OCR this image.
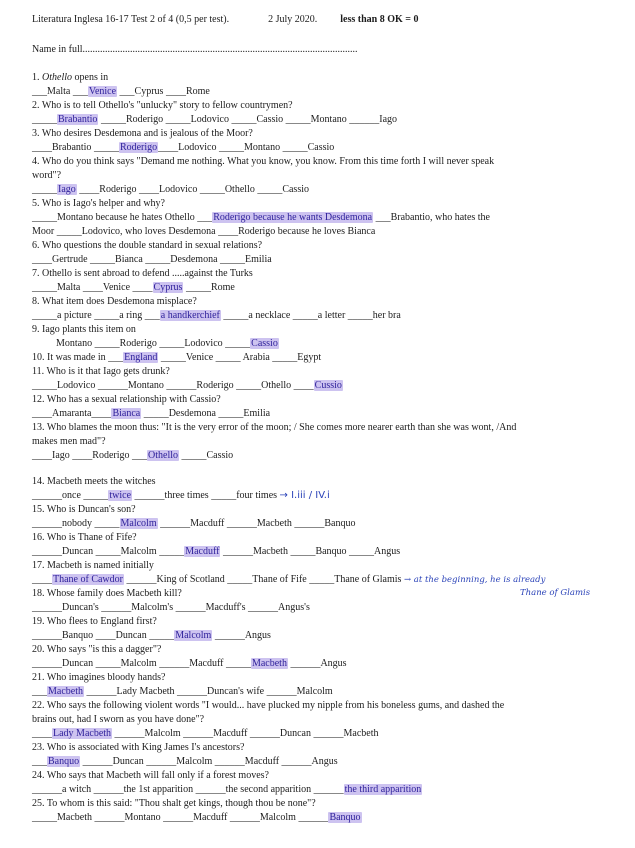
Literatura Inglesa 16-17 Test 2 of 4 (0,5 per test).	2 July 2020. less than 8 OK = 0
Name in full..............................................................................................................
1. Othello opens in
___Malta ___Venice ___Cyprus ____Rome
2. Who is to tell Othello's "unlucky" story to fellow countrymen?
_____Brabantio _____Roderigo _____Lodovico _____Cassio _____Montano ______Iago
3. Who desires Desdemona and is jealous of the Moor?
____Brabantio _____Roderigo____Lodovico _____Montano _____Cassio
4. Who do you think says "Demand me nothing. What you know, you know. From this time forth I will never speak
word"?
_____Iago ____Roderigo ____Lodovico _____Othello _____Cassio
5. Who is Iago's helper and why?
_____Montano because he hates Othello ___Roderigo because he wants Desdemona ___Brabantio, who hates the
Moor _____Lodovico, who loves Desdemona ____Roderigo because he loves Bianca
6. Who questions the double standard in sexual relations?
____Gertrude _____Bianca _____Desdemona _____Emilia
7. Othello is sent abroad to defend .....against the Turks
_____Malta ____Venice ____Cyprus _____Rome
8. What item does Desdemona misplace?
_____a picture _____a ring ___a handkerchief _____a necklace _____a letter _____her bra
9. Iago plants this item on
Montano _____Roderigo _____Lodovico _____Cassio
10. It was made in ___England _____Venice _____ Arabia _____Egypt
11. Who is it that Iago gets drunk?
_____Lodovico ______Montano ______Roderigo _____Othello ____Cussio
12. Who has a sexual relationship with Cassio?
____Amaranta____Bianca _____Desdemona _____Emilia
13. Who blames the moon thus: "It is the very error of the moon; / She comes more nearer earth than she was wont, /And
makes men mad"?
____Iago ____Roderigo ___Othello _____Cassio
14. Macbeth meets the witches
______once _____twice ______three times _____four times → I.iii / IV.i
15. Who is Duncan's son?
______nobody _____Malcolm ______Macduff ______Macbeth ______Banquo
16. Who is Thane of Fife?
______Duncan _____Malcolm _____Macduff ______Macbeth _____Banquo _____Angus
17. Macbeth is named initially
____Thane of Cawdor ______King of Scotland _____Thane of Fife _____Thane of Glamis → at the beginning, he is already
Thane of Glamis
18. Whose family does Macbeth kill?
______Duncan's ______Malcolm's ______Macduff's ______Angus's
19. Who flees to England first?
______Banquo ____Duncan _____Malcolm ______Angus
20. Who says "is this a dagger"?
______Duncan _____Malcolm ______Macduff _____Macbeth ______Angus
21. Who imagines bloody hands?
___Macbeth ______Lady Macbeth ______Duncan's wife ______Malcolm
22. Who says the following violent words "I would... have plucked my nipple from his boneless gums, and dashed the
brains out, had I sworn as you have done"?
____Lady Macbeth ______Malcolm ______Macduff ______Duncan ______Macbeth
23. Who is associated with King James I's ancestors?
___Banquo ______Duncan ______Malcolm ______Macduff ______Angus
24. Who says that Macbeth will fall only if a forest moves?
______a witch ______the 1st apparition ______the second apparition ______the third apparition
25. To whom is this said: "Thou shalt get kings, though thou be none"?
_____Macbeth ______Montano ______Macduff ______Malcolm ______Banquo
